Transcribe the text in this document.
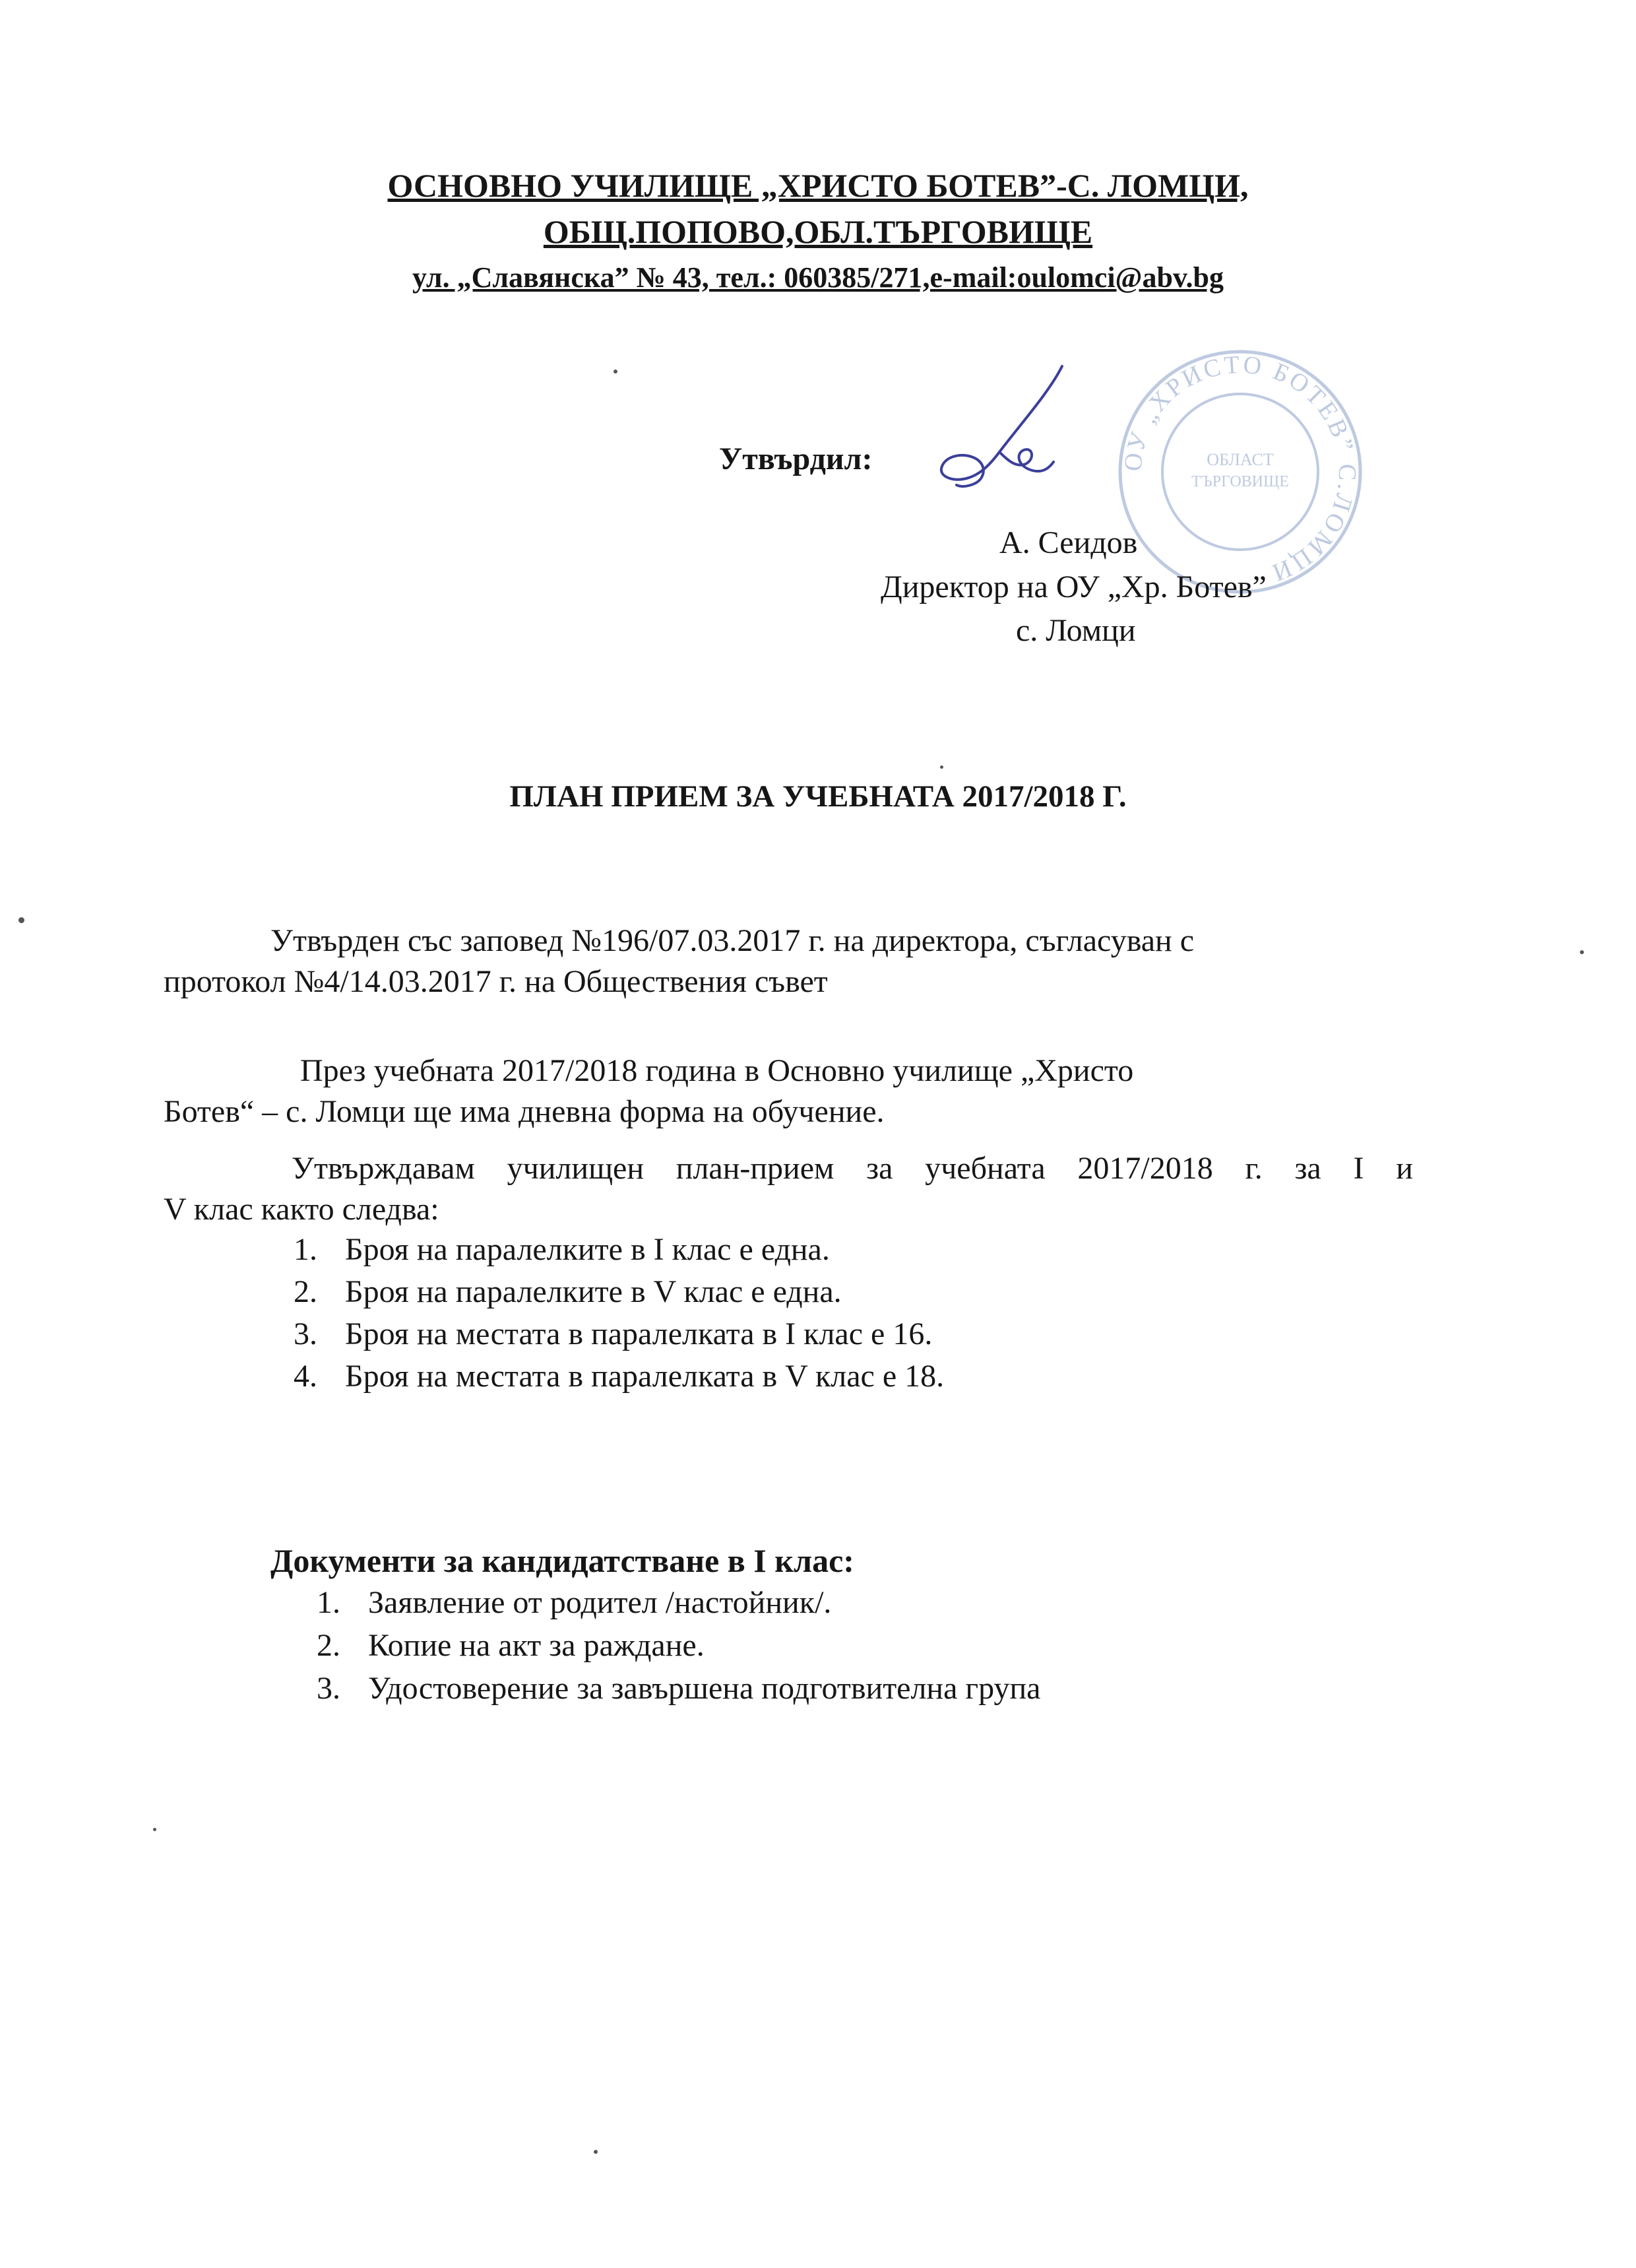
ОСНОВНО УЧИЛИЩЕ „ХРИСТО БОТЕВ”-С. ЛОМЦИ,
ОБЩ.ПОПОВО,ОБЛ.ТЪРГОВИЩЕ
ул. „Славянска” № 43, тел.: 060385/271,e-mail:oulomci@abv.bg
Утвърдил:	ОУ „ХРИСТО БОТЕВ” С.ЛОМЦИ
ОБЛАСТ
ТЪРГОВИЩЕ
А. Сеидов
Директор на ОУ „Хр. Ботев”
с. Ломци
ПЛАН ПРИЕМ ЗА УЧЕБНАТА 2017/2018 Г.
Утвърден със заповед №196/07.03.2017 г. на директора, съгласуван с
протокол №4/14.03.2017 г. на Обществения съвет
През учебната 2017/2018 година в Основно училище „Христо
Ботев“ – с. Ломци ще има дневна форма на обучение.
Утвърждавам училищен план-прием за учебната 2017/2018 г. за I и
V клас както следва:
1. Броя на паралелките в I клас е една.
2. Броя на паралелките в V клас е една.
3. Броя на местата в паралелката в I клас е 16.
4. Броя на местата в паралелката в V клас е 18.
Документи за кандидатстване в I клас:
1. Заявление от родител /настойник/.
2. Копие на акт за раждане.
3. Удостоверение за завършена подготвителна група
